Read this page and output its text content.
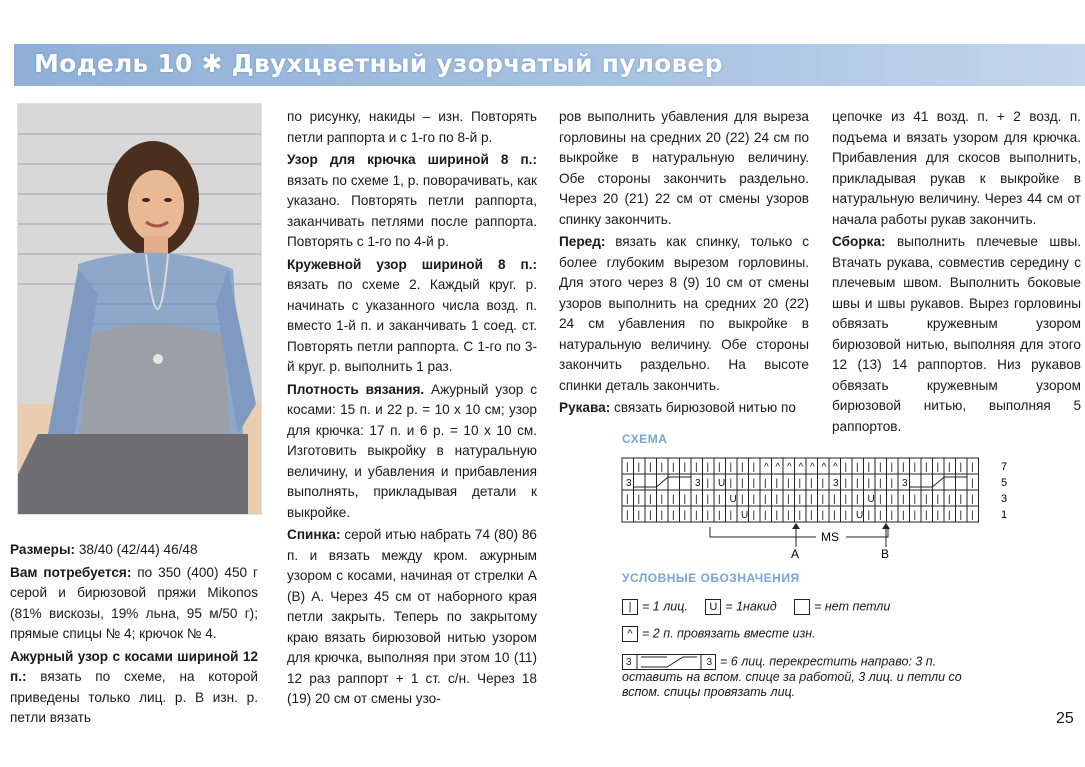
Модель 10 ✱ Двухцветный узорчатый пуловер

Размеры: 38/40 (42/44) 46/48

Вам потребуется: по 350 (400) 450 г серой и бирюзовой пряжи Mikonos (81% вискозы, 19% льна, 95 м/50 г); прямые спицы № 4; крючок № 4.

Ажурный узор с косами шириной 12 п.: вязать по схеме, на которой приведены только лиц. р. В изн. р. петли вязать

по рисунку, накиды – изн. Повторять петли раппорта и с 1-го по 8-й р.

Узор для крючка шириной 8 п.: вязать по схеме 1, р. поворачивать, как указано. Повторять петли раппорта, заканчивать петлями после раппорта. Повторять с 1-го по 4-й р.

Кружевной узор шириной 8 п.: вязать по схеме 2. Каждый круг. р. начинать с указанного числа возд. п. вместо 1-й п. и заканчивать 1 соед. ст. Повторять петли раппорта. С 1-го по 3-й круг. р. выполнить 1 раз.

Плотность вязания. Ажурный узор с косами: 15 п. и 22 р. = 10 х 10 см; узор для крючка: 17 п. и 6 р. = 10 х 10 см. Изготовить выкройку в натуральную величину, и убавления и прибавления выполнять, прикладывая детали к выкройке.

Спинка: серой итью набрать 74 (80) 86 п. и вязать между кром. ажурным узором с косами, начиная от стрелки А (В) А. Через 45 см от наборного края петли закрыть. Теперь по закрытому краю вязать бирюзовой нитью узором для крючка, выполняя при этом 10 (11) 12 раз раппорт + 1 ст. с/н. Через 18 (19) 20 см от смены узо-

ров выполнить убавления для выреза горловины на средних 20 (22) 24 см по выкройке в натуральную величину. Обе стороны закончить раздельно. Через 20 (21) 22 см от смены узоров спинку закончить.

Перед: вязать как спинку, только с более глубоким вырезом горловины. Для этого через 8 (9) 10 см от смены узоров выполнить на средних 20 (22) 24 см убавления по выкройке в натуральную величину. Обе стороны закончить раздельно. На высоте спинки деталь закончить.

Рукава: связать бирюзовой нитью по

цепочке из 41 возд. п. + 2 возд. п. подъема и вязать узором для крючка. Прибавления для скосов выполнить, прикладывая рукав к выкройке в натуральную величину. Через 44 см от начала работы рукав закончить.

Сборка: выполнить плечевые швы. Втачать рукава, совместив середину с плечевым швом. Выполнить боковые швы и швы рукавов. Вырез горловины обвязать кружевным узором бирюзовой нитью, выполняя для этого 12 (13) 14 раппортов. Низ рукавов обвязать кружевным узором бирюзовой нитью, выполняя 5 раппортов.

СХЕМА
| | | | | | | | | | | | ^ ^ ^ ^ ^ ^ ^ | | | | | | | | | | | |
3	3 | U | | | | | | | | | 3 | | | | | 3	|
| | | | | | | | | U | | | | | | | | | | | U | | | | | | | | |
| | | | | | | | | | U | | | | | | | | | U | | | | | | | | | |
7
5
3
1
MS
A	B
УСЛОВНЫЕ ОБОЗНАЧЕНИЯ
| = 1 лиц. U = 1накид	= нет петли
^ = 2 п. провязать вместе изн.
3	3 = 6 лиц. перекрестить направо: 3 п.
оставить на вспом. спице за работой, 3 лиц. и петли со
вспом. спицы провязать лиц.
25
